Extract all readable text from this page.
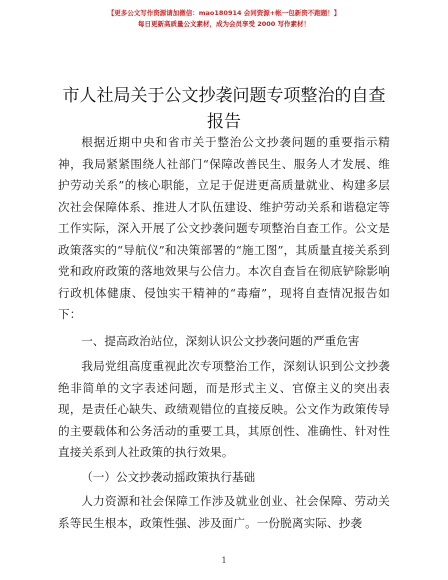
【更多公文写作资源请加微信：mao180914 会同资源+帐一包新资不跑题！】
每日更新高质量公文素材，成为会员享受 2000 写作素材！
市人社局关于公文抄袭问题专项整治的自查报告

根据近期中央和省市关于整治公文抄袭问题的重要指示精神，我局紧紧围绕人社部门“保障改善民生、服务人才发展、维护劳动关系”的核心职能，立足于促进更高质量就业、构建多层次社会保障体系、推进人才队伍建设、维护劳动关系和谐稳定等工作实际，深入开展了公文抄袭问题专项整治自查工作。公文是政策落实的“导航仪”和决策部署的“施工图”，其质量直接关系到党和政府政策的落地效果与公信力。本次自查旨在彻底铲除影响行政机体健康、侵蚀实干精神的“毒瘤”，现将自查情况报告如下：

一、提高政治站位，深刻认识公文抄袭问题的严重危害

我局党组高度重视此次专项整治工作，深刻认识到公文抄袭绝非简单的文字表述问题，而是形式主义、官僚主义的突出表现，是责任心缺失、政绩观错位的直接反映。公文作为政策传导的主要载体和公务活动的重要工具，其原创性、准确性、针对性直接关系到人社政策的执行效果。

（一）公文抄袭动摇政策执行基础

人力资源和社会保障工作涉及就业创业、社会保障、劳动关系等民生根本，政策性强、涉及面广。一份脱离实际、抄袭

1
